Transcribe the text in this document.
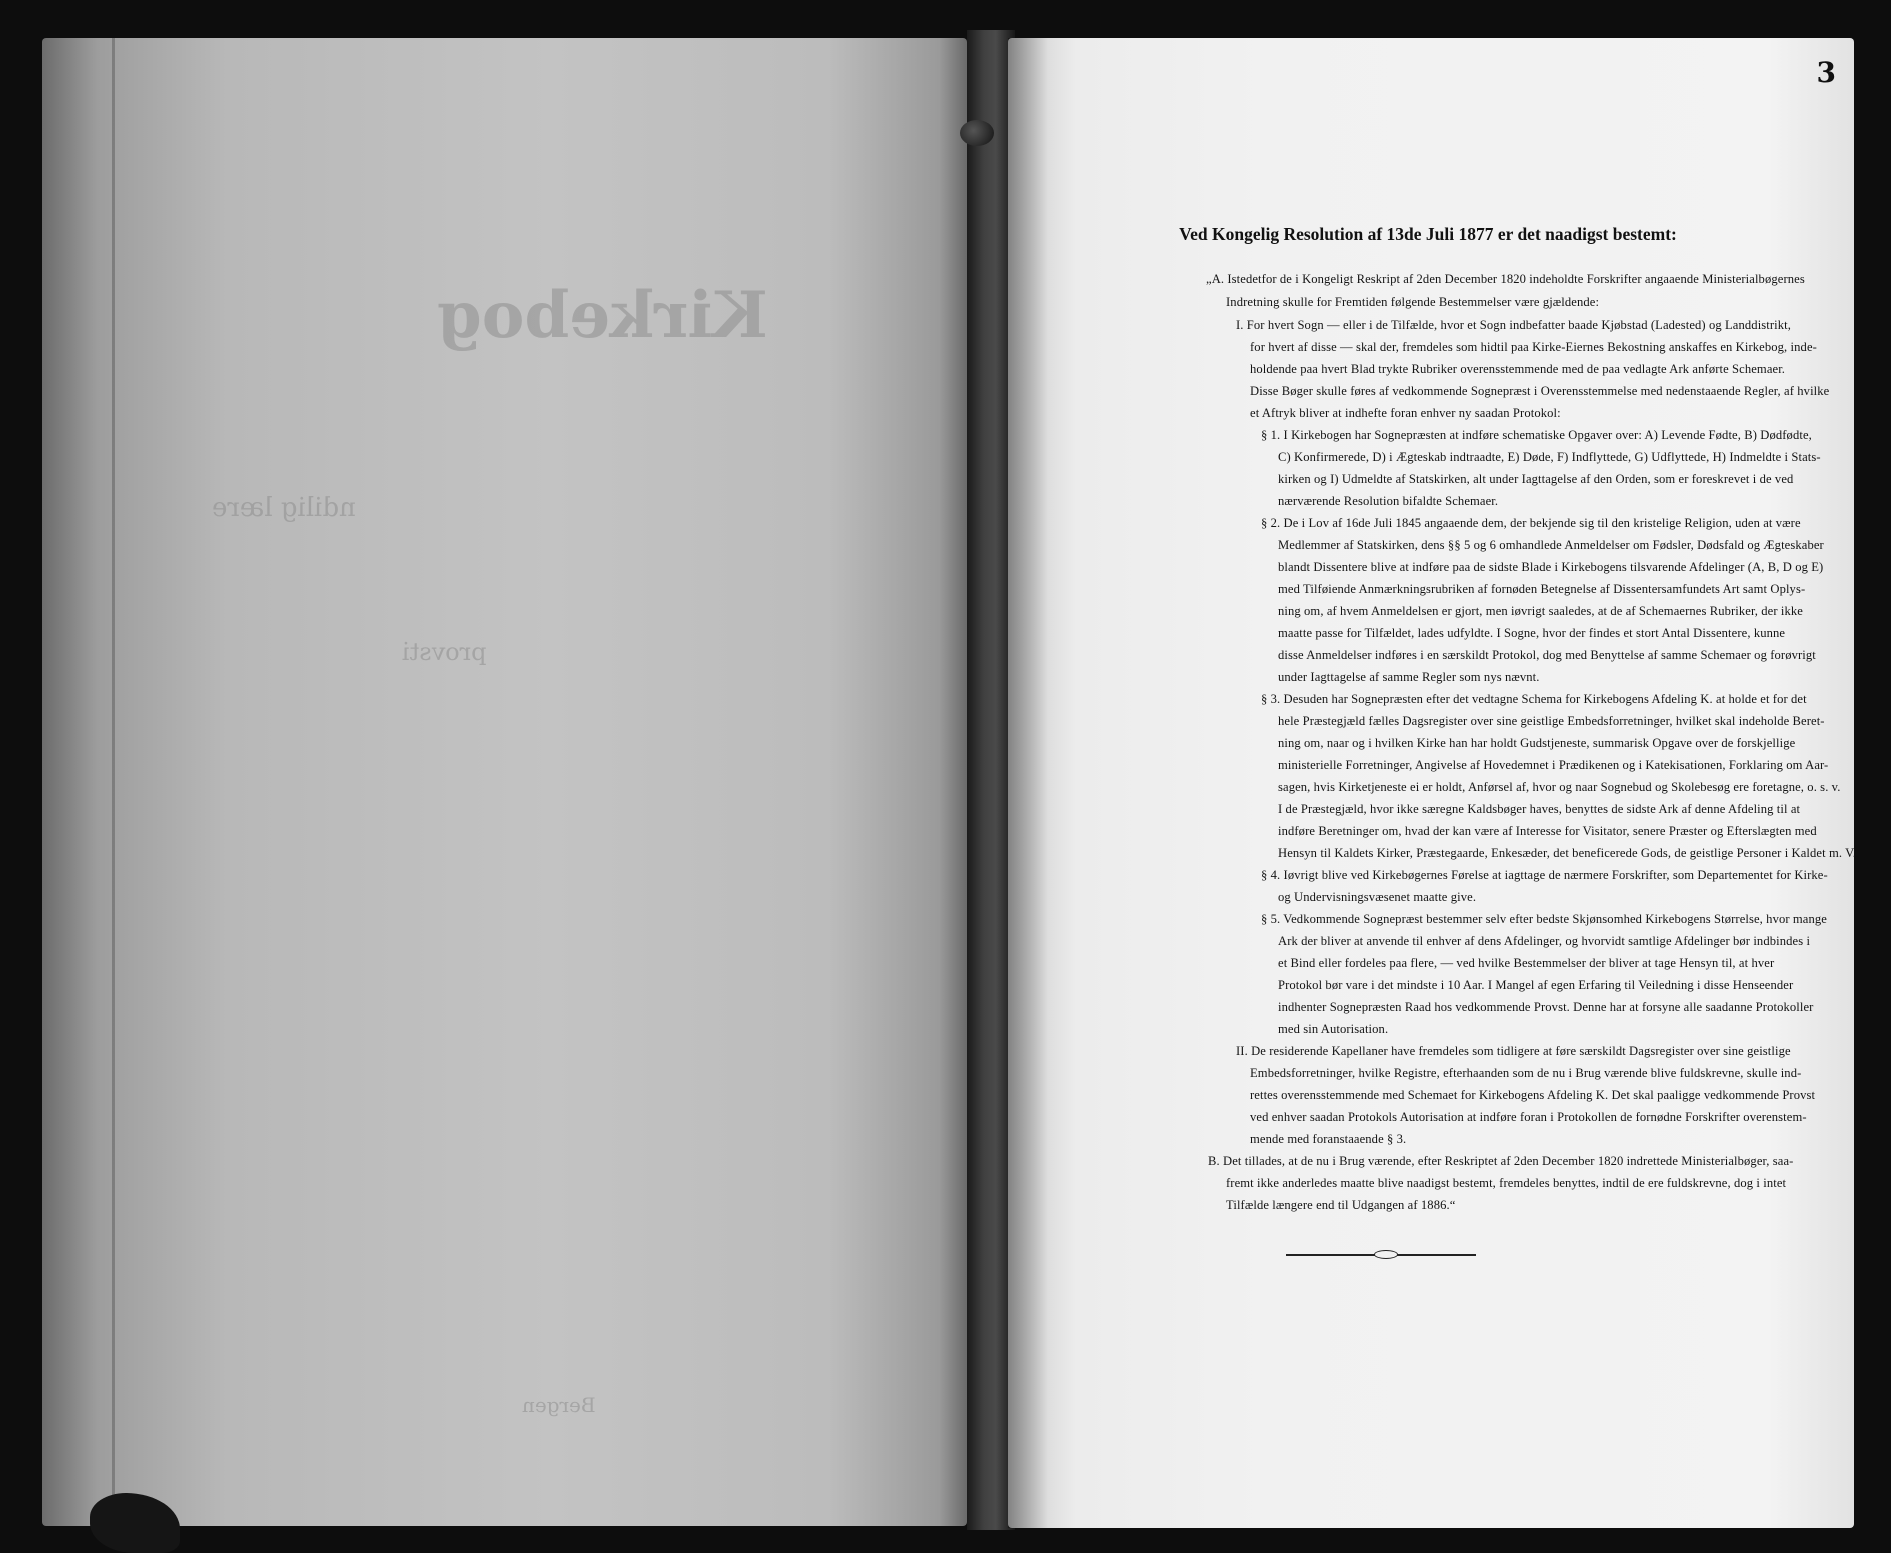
Kirkebog
ndilig lære
provsti
Bergen
3
Ved Kongelig Resolution af 13de Juli 1877 er det naadigst bestemt:
„A. Istedetfor de i Kongeligt Reskript af 2den December 1820 indeholdte Forskrifter angaaende Ministerialbøgernes
Indretning skulle for Fremtiden følgende Bestemmelser være gjældende:
I. For hvert Sogn — eller i de Tilfælde, hvor et Sogn indbefatter baade Kjøbstad (Ladested) og Landdistrikt,
for hvert af disse — skal der, fremdeles som hidtil paa Kirke-Eiernes Bekostning anskaffes en Kirkebog, inde-
holdende paa hvert Blad trykte Rubriker overensstemmende med de paa vedlagte Ark anførte Schemaer.
Disse Bøger skulle føres af vedkommende Sognepræst i Overensstemmelse med nedenstaaende Regler, af hvilke
et Aftryk bliver at indhefte foran enhver ny saadan Protokol:
§ 1. I Kirkebogen har Sognepræsten at indføre schematiske Opgaver over: A) Levende Fødte, B) Dødfødte,
C) Konfirmerede, D) i Ægteskab indtraadte, E) Døde, F) Indflyttede, G) Udflyttede, H) Indmeldte i Stats-
kirken og I) Udmeldte af Statskirken, alt under Iagttagelse af den Orden, som er foreskrevet i de ved
nærværende Resolution bifaldte Schemaer.
§ 2. De i Lov af 16de Juli 1845 angaaende dem, der bekjende sig til den kristelige Religion, uden at være
Medlemmer af Statskirken, dens §§ 5 og 6 omhandlede Anmeldelser om Fødsler, Dødsfald og Ægteskaber
blandt Dissentere blive at indføre paa de sidste Blade i Kirkebogens tilsvarende Afdelinger (A, B, D og E)
med Tilføiende Anmærkningsrubriken af fornøden Betegnelse af Dissentersamfundets Art samt Oplys-
ning om, af hvem Anmeldelsen er gjort, men iøvrigt saaledes, at de af Schemaernes Rubriker, der ikke
maatte passe for Tilfældet, lades udfyldte. I Sogne, hvor der findes et stort Antal Dissentere, kunne
disse Anmeldelser indføres i en særskildt Protokol, dog med Benyttelse af samme Schemaer og forøvrigt
under Iagttagelse af samme Regler som nys nævnt.
§ 3. Desuden har Sognepræsten efter det vedtagne Schema for Kirkebogens Afdeling K. at holde et for det
hele Præstegjæld fælles Dagsregister over sine geistlige Embedsforretninger, hvilket skal indeholde Beret-
ning om, naar og i hvilken Kirke han har holdt Gudstjeneste, summarisk Opgave over de forskjellige
ministerielle Forretninger, Angivelse af Hovedemnet i Prædikenen og i Katekisationen, Forklaring om Aar-
sagen, hvis Kirketjeneste ei er holdt, Anførsel af, hvor og naar Sognebud og Skolebesøg ere foretagne, o. s. v.
I de Præstegjæld, hvor ikke særegne Kaldsbøger haves, benyttes de sidste Ark af denne Afdeling til at
indføre Beretninger om, hvad der kan være af Interesse for Visitator, senere Præster og Efterslægten med
Hensyn til Kaldets Kirker, Præstegaarde, Enkesæder, det beneficerede Gods, de geistlige Personer i Kaldet m. V.
§ 4. Iøvrigt blive ved Kirkebøgernes Førelse at iagttage de nærmere Forskrifter, som Departementet for Kirke-
og Undervisningsvæsenet maatte give.
§ 5. Vedkommende Sognepræst bestemmer selv efter bedste Skjønsomhed Kirkebogens Størrelse, hvor mange
Ark der bliver at anvende til enhver af dens Afdelinger, og hvorvidt samtlige Afdelinger bør indbindes i
et Bind eller fordeles paa flere, — ved hvilke Bestemmelser der bliver at tage Hensyn til, at hver
Protokol bør vare i det mindste i 10 Aar. I Mangel af egen Erfaring til Veiledning i disse Henseender
indhenter Sognepræsten Raad hos vedkommende Provst. Denne har at forsyne alle saadanne Protokoller
med sin Autorisation.
II. De residerende Kapellaner have fremdeles som tidligere at føre særskildt Dagsregister over sine geistlige
Embedsforretninger, hvilke Registre, efterhaanden som de nu i Brug værende blive fuldskrevne, skulle ind-
rettes overensstemmende med Schemaet for Kirkebogens Afdeling K. Det skal paaligge vedkommende Provst
ved enhver saadan Protokols Autorisation at indføre foran i Protokollen de fornødne Forskrifter overenstem-
mende med foranstaaende § 3.
B. Det tillades, at de nu i Brug værende, efter Reskriptet af 2den December 1820 indrettede Ministerialbøger, saa-
fremt ikke anderledes maatte blive naadigst bestemt, fremdeles benyttes, indtil de ere fuldskrevne, dog i intet
Tilfælde længere end til Udgangen af 1886.“
